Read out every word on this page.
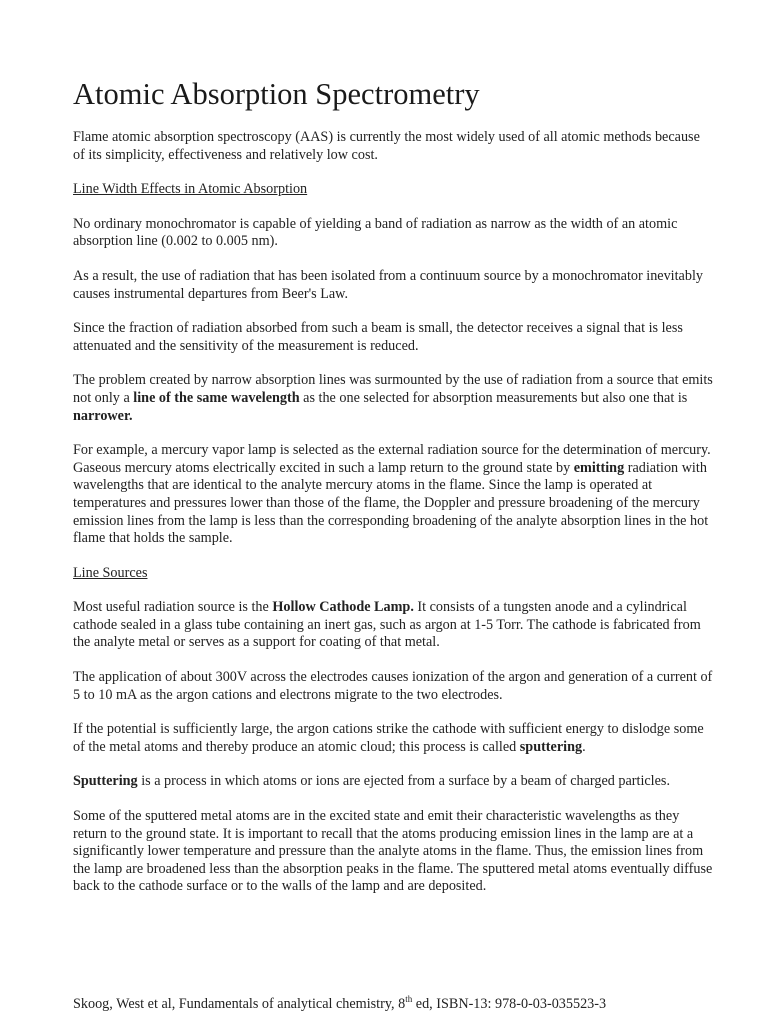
Atomic Absorption Spectrometry

Flame atomic absorption spectroscopy (AAS) is currently the most widely used of all atomic methods because of its simplicity, effectiveness and relatively low cost.

Line Width Effects in Atomic Absorption

No ordinary monochromator is capable of yielding a band of radiation as narrow as the width of an atomic absorption line (0.002 to 0.005 nm).

As a result, the use of radiation that has been isolated from a continuum source by a monochromator inevitably causes instrumental departures from Beer's Law.

Since the fraction of radiation absorbed from such a beam is small, the detector receives a signal that is less attenuated and the sensitivity of the measurement is reduced.

The problem created by narrow absorption lines was surmounted by the use of radiation from a source that emits not only a line of the same wavelength as the one selected for absorption measurements but also one that is narrower.

For example, a mercury vapor lamp is selected as the external radiation source for the determination of mercury. Gaseous mercury atoms electrically excited in such a lamp return to the ground state by emitting radiation with wavelengths that are identical to the analyte mercury atoms in the flame. Since the lamp is operated at temperatures and pressures lower than those of the flame, the Doppler and pressure broadening of the mercury emission lines from the lamp is less than the corresponding broadening of the analyte absorption lines in the hot flame that holds the sample.

Line Sources

Most useful radiation source is the Hollow Cathode Lamp. It consists of a tungsten anode and a cylindrical cathode sealed in a glass tube containing an inert gas, such as argon at 1-5 Torr. The cathode is fabricated from the analyte metal or serves as a support for coating of that metal.

The application of about 300V across the electrodes causes ionization of the argon and generation of a current of 5 to 10 mA as the argon cations and electrons migrate to the two electrodes.

If the potential is sufficiently large, the argon cations strike the cathode with sufficient energy to dislodge some of the metal atoms and thereby produce an atomic cloud; this process is called sputtering.

Sputtering is a process in which atoms or ions are ejected from a surface by a beam of charged particles.

Some of the sputtered metal atoms are in the excited state and emit their characteristic wavelengths as they return to the ground state. It is important to recall that the atoms producing emission lines in the lamp are at a significantly lower temperature and pressure than the analyte atoms in the flame. Thus, the emission lines from the lamp are broadened less than the absorption peaks in the flame. The sputtered metal atoms eventually diffuse back to the cathode surface or to the walls of the lamp and are deposited.

Skoog, West et al, Fundamentals of analytical chemistry, 8th ed, ISBN-13: 978-0-03-035523-3
